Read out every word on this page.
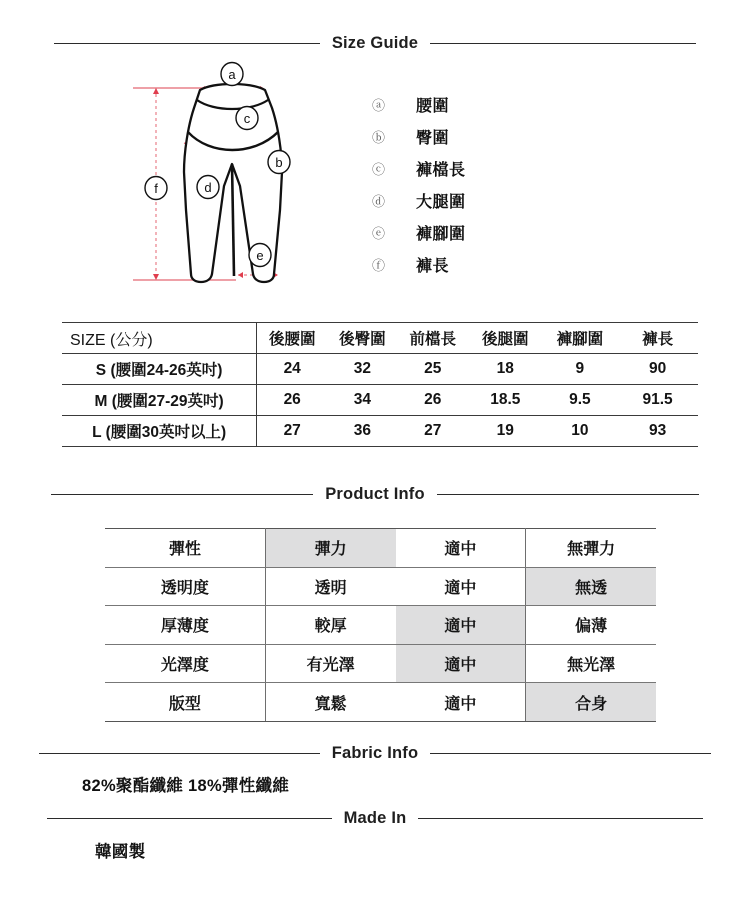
Size Guide
a
c
b
d
e
f
ⓐ	腰圍
ⓑ	臀圍
ⓒ	褲檔長
ⓓ	大腿圍
ⓔ	褲腳圍
ⓕ	褲長
SIZE (公分)	後腰圍	後臀圍	前檔長	後腿圍	褲腳圍	褲長
S (腰圍24-26英吋)	24	32	25	18	9	90
M (腰圍27-29英吋)	26	34	26	18.5	9.5	91.5
L (腰圍30英吋以上)	27	36	27	19	10	93
Product Info
彈性	彈力	適中	無彈力
透明度	透明	適中	無透
厚薄度	較厚	適中	偏薄
光澤度	有光澤	適中	無光澤
版型	寬鬆	適中	合身
Fabric Info
82%聚酯纖維 18%彈性纖維
Made In
韓國製
